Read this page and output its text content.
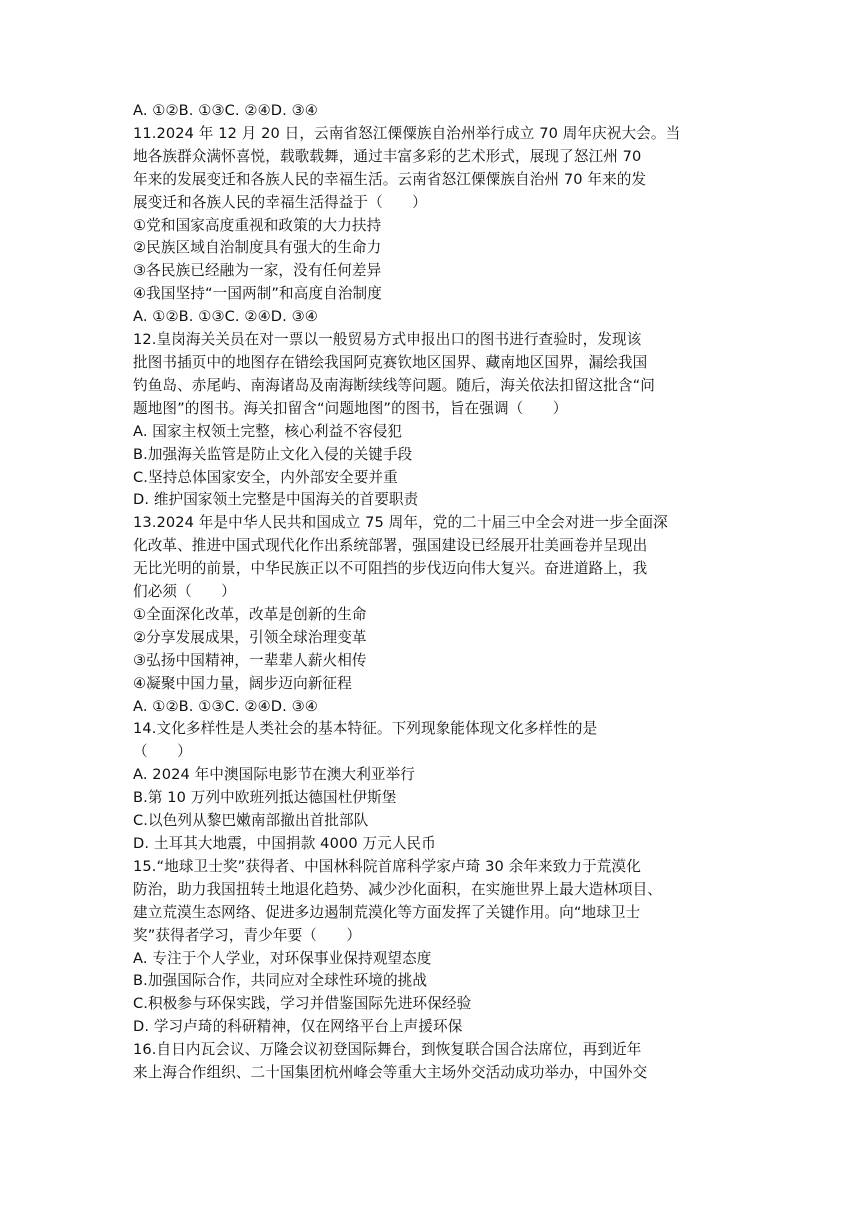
A. ①②B. ①③C. ②④D. ③④
11.2024 年 12 月 20 日，云南省怒江傈僳族自治州举行成立 70 周年庆祝大会。当
地各族群众满怀喜悦，载歌载舞，通过丰富多彩的艺术形式，展现了怒江州 70
年来的发展变迁和各族人民的幸福生活。云南省怒江傈僳族自治州 70 年来的发
展变迁和各族人民的幸福生活得益于（　　）
①党和国家高度重视和政策的大力扶持
②民族区域自治制度具有强大的生命力
③各民族已经融为一家，没有任何差异
④我国坚持“一国两制”和高度自治制度
A. ①②B. ①③C. ②④D. ③④
12.皇岗海关关员在对一票以一般贸易方式申报出口的图书进行查验时，发现该
批图书插页中的地图存在错绘我国阿克赛钦地区国界、藏南地区国界，漏绘我国
钓鱼岛、赤尾屿、南海诸岛及南海断续线等问题。随后，海关依法扣留这批含“问
题地图”的图书。海关扣留含“问题地图”的图书，旨在强调（　　）
A. 国家主权领土完整，核心利益不容侵犯
B.加强海关监管是防止文化入侵的关键手段
C.坚持总体国家安全，内外部安全要并重
D. 维护国家领土完整是中国海关的首要职责
13.2024 年是中华人民共和国成立 75 周年，党的二十届三中全会对进一步全面深
化改革、推进中国式现代化作出系统部署，强国建设已经展开壮美画卷并呈现出
无比光明的前景，中华民族正以不可阻挡的步伐迈向伟大复兴。奋进道路上，我
们必须（　　）
①全面深化改革，改革是创新的生命
②分享发展成果，引领全球治理变革
③弘扬中国精神，一辈辈人薪火相传
④凝聚中国力量，阔步迈向新征程
A. ①②B. ①③C. ②④D. ③④
14.文化多样性是人类社会的基本特征。下列现象能体现文化多样性的是
（　　）
A. 2024 年中澳国际电影节在澳大利亚举行
B.第 10 万列中欧班列抵达德国杜伊斯堡
C.以色列从黎巴嫩南部撤出首批部队
D. 土耳其大地震，中国捐款 4000 万元人民币
15.“地球卫士奖”获得者、中国林科院首席科学家卢琦 30 余年来致力于荒漠化
防治，助力我国扭转土地退化趋势、减少沙化面积，在实施世界上最大造林项目、
建立荒漠生态网络、促进多边遏制荒漠化等方面发挥了关键作用。向“地球卫士
奖”获得者学习，青少年要（　　）
A. 专注于个人学业，对环保事业保持观望态度
B.加强国际合作，共同应对全球性环境的挑战
C.积极参与环保实践，学习并借鉴国际先进环保经验
D. 学习卢琦的科研精神，仅在网络平台上声援环保
16.自日内瓦会议、万隆会议初登国际舞台，到恢复联合国合法席位，再到近年
来上海合作组织、二十国集团杭州峰会等重大主场外交活动成功举办，中国外交
